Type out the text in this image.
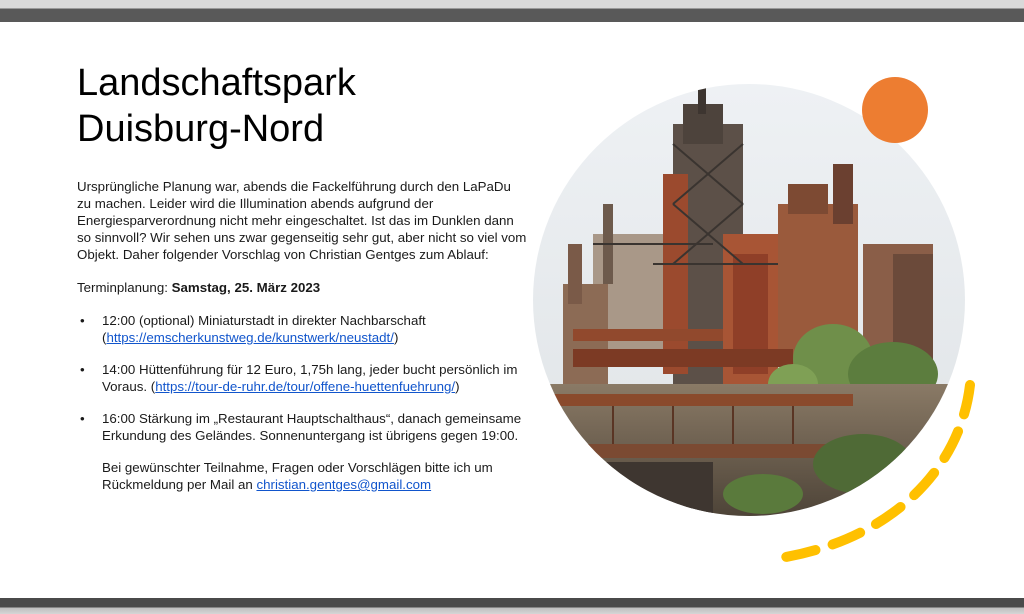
Landschaftspark
Duisburg-Nord

Ursprüngliche Planung war, abends die Fackelführung durch den LaPaDu zu machen. Leider wird die Illumination abends aufgrund der Energiesparverordnung nicht mehr eingeschaltet. Ist das im Dunklen dann so sinnvoll? Wir sehen uns zwar gegenseitig sehr gut, aber nicht so viel vom Objekt. Daher folgender Vorschlag von Christian Gentges zum Ablauf:

Terminplanung: Samstag, 25. März 2023

• 12:00 (optional) Miniaturstadt in direkter Nachbarschaft (https://emscherkunstweg.de/kunstwerk/neustadt/)
• 14:00 Hüttenführung für 12 Euro, 1,75h lang, jeder bucht persönlich im Voraus. (https://tour-de-ruhr.de/tour/offene-huettenfuehrung/)
• 16:00 Stärkung im „Restaurant Hauptschalthaus“, danach gemeinsame Erkundung des Geländes. Sonnenuntergang ist übrigens gegen 19:00.
Bei gewünschter Teilnahme, Fragen oder Vorschlägen bitte ich um Rückmeldung per Mail an christian.gentges@gmail.com
